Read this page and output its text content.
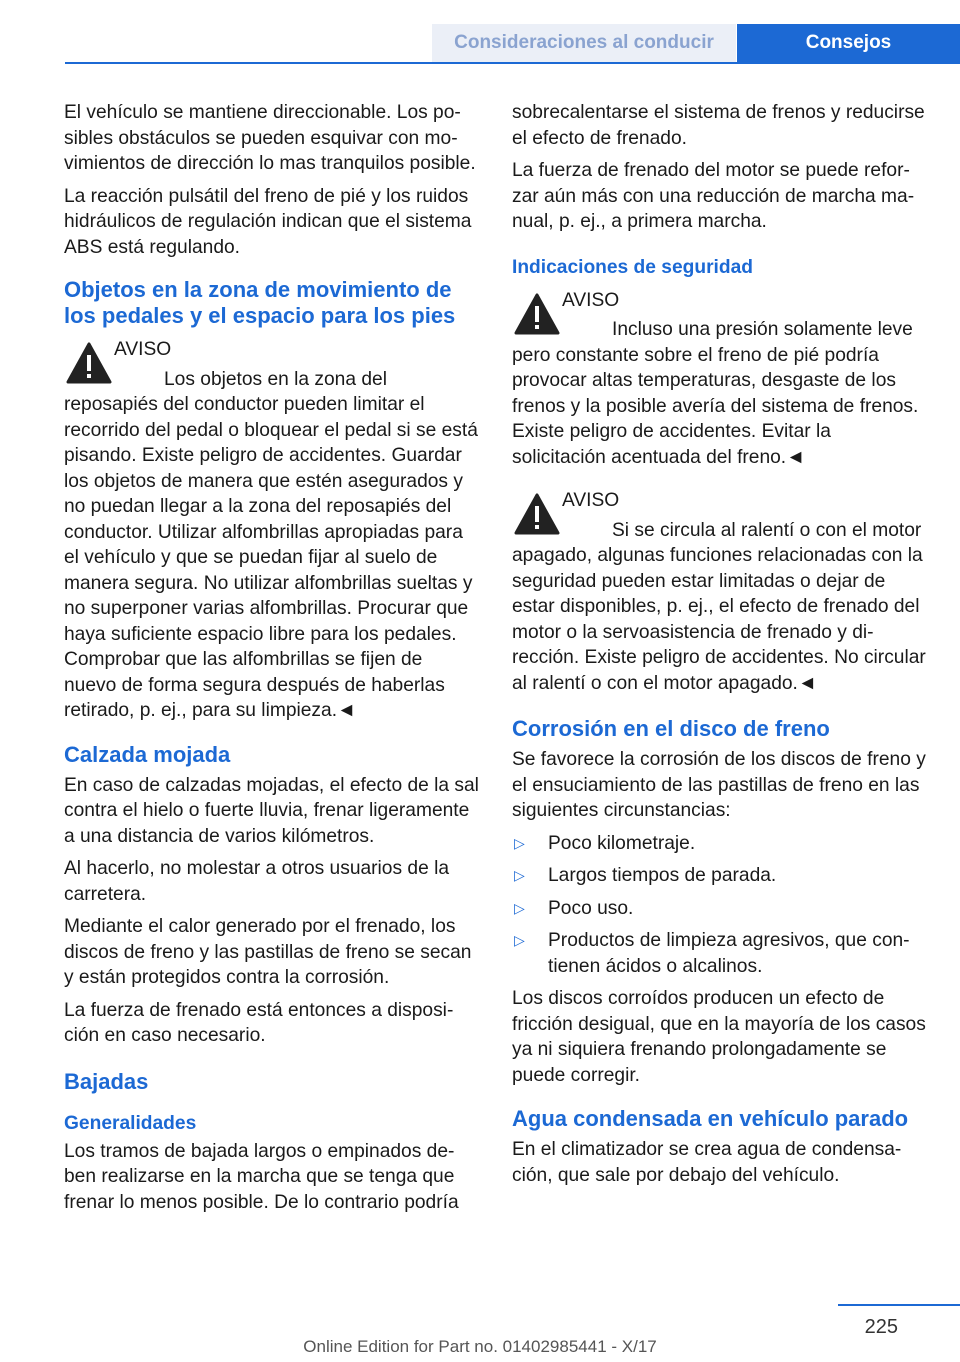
Consideraciones al conducir	Consejos

El vehículo se mantiene direccionable. Los posibles obstáculos se pueden esquivar con movimientos de dirección lo mas tranquilos posible.

La reacción pulsátil del freno de pié y los ruidos hidráulicos de regulación indican que el sistema ABS está regulando.

Objetos en la zona de movimiento de los pedales y el espacio para los pies
AVISO
Los objetos en la zona del reposapiés del conductor pueden limitar el recorrido del pedal o bloquear el pedal si se está pisando. Existe peligro de accidentes. Guardar los objetos de manera que estén asegurados y no puedan llegar a la zona del reposapiés del conductor. Utilizar alfombrillas apropiadas para el vehículo y que se puedan fijar al suelo de manera segura. No utilizar alfombrillas sueltas y no superponer varias alfombrillas. Procurar que haya suficiente espacio libre para los pedales. Comprobar que las alfombrillas se fijen de nuevo de forma segura después de haberlas retirado, p. ej., para su limpieza.◄
Calzada mojada

En caso de calzadas mojadas, el efecto de la sal contra el hielo o fuerte lluvia, frenar ligeramente a una distancia de varios kilómetros.

Al hacerlo, no molestar a otros usuarios de la carretera.

Mediante el calor generado por el frenado, los discos de freno y las pastillas de freno se secan y están protegidos contra la corrosión.

La fuerza de frenado está entonces a disposición en caso necesario.

Bajadas
Generalidades

Los tramos de bajada largos o empinados deben realizarse en la marcha que se tenga que frenar lo menos posible. De lo contrario podría

sobrecalentarse el sistema de frenos y reducirse el efecto de frenado.

La fuerza de frenado del motor se puede reforzar aún más con una reducción de marcha manual, p. ej., a primera marcha.

Indicaciones de seguridad
AVISO
Incluso una presión solamente leve pero constante sobre el freno de pié podría provocar altas temperaturas, desgaste de los frenos y la posible avería del sistema de frenos. Existe peligro de accidentes. Evitar la solicitación acentuada del freno.◄
AVISO
Si se circula al ralentí o con el motor apagado, algunas funciones relacionadas con la seguridad pueden estar limitadas o dejar de estar disponibles, p. ej., el efecto de frenado del motor o la servoasistencia de frenado y dirección. Existe peligro de accidentes. No circular al ralentí o con el motor apagado.◄
Corrosión en el disco de freno

Se favorece la corrosión de los discos de freno y el ensuciamiento de las pastillas de freno en las siguientes circunstancias:

▷	Poco kilometraje.
▷	Largos tiempos de parada.
▷	Poco uso.
▷	Productos de limpieza agresivos, que contienen ácidos o alcalinos.

Los discos corroídos producen un efecto de fricción desigual, que en la mayoría de los casos ya ni siquiera frenando prolongadamente se puede corregir.

Agua condensada en vehículo parado

En el climatizador se crea agua de condensación, que sale por debajo del vehículo.

225
Online Edition for Part no. 01402985441 - X/17
